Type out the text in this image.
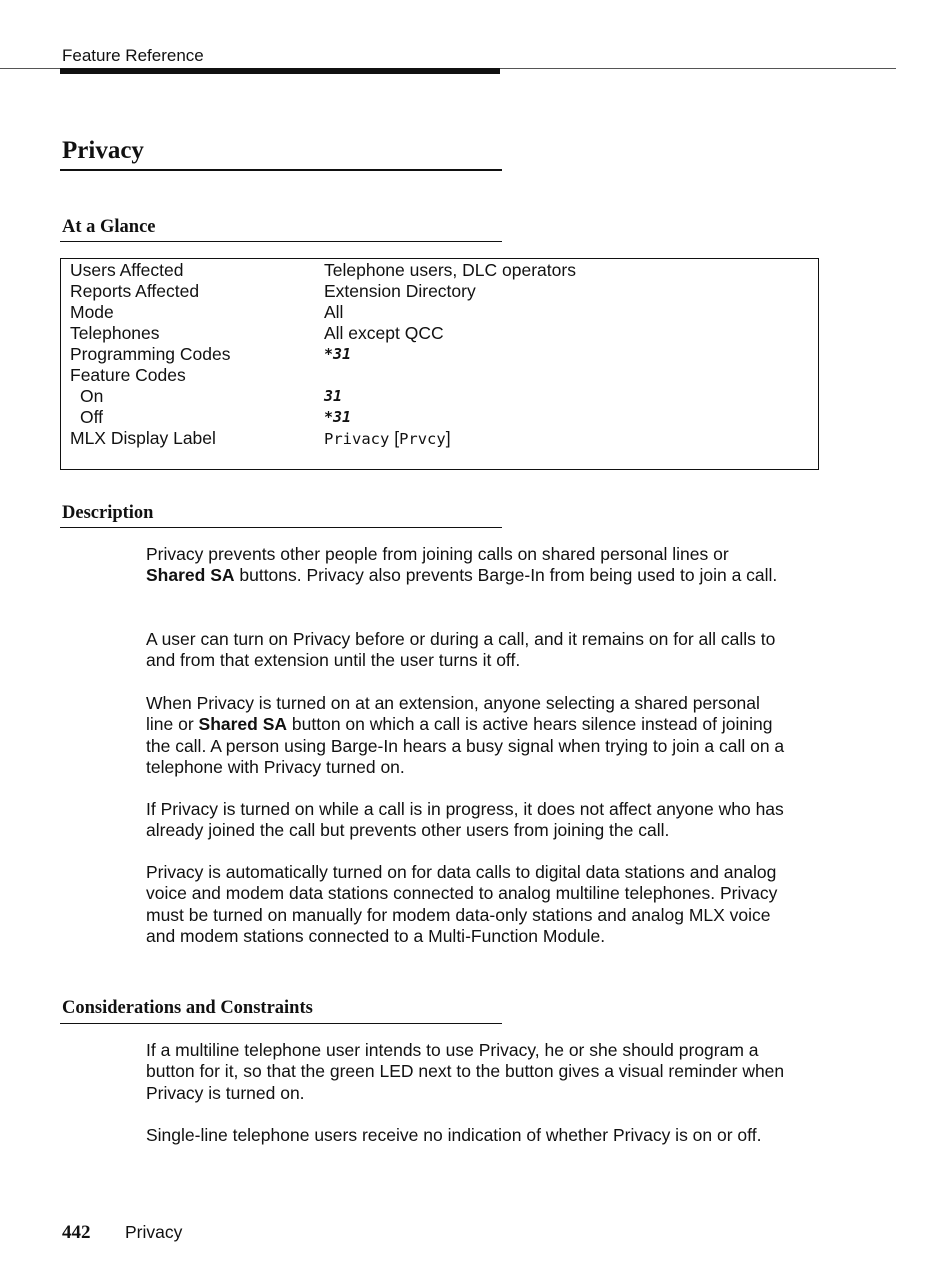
Feature Reference
Privacy
At a Glance
Users Affected	Telephone users, DLC operators
Reports Affected	Extension Directory
Mode	All
Telephones	All except QCC
Programming Codes	*31
Feature Codes
On	31
Off	*31
MLX Display Label	Privacy [Prvcy]
Description

Privacy prevents other people from joining calls on shared personal lines or Shared SA buttons. Privacy also prevents Barge-In from being used to join a call.

A user can turn on Privacy before or during a call, and it remains on for all calls to and from that extension until the user turns it off.

When Privacy is turned on at an extension, anyone selecting a shared personal line or Shared SA button on which a call is active hears silence instead of joining the call. A person using Barge-In hears a busy signal when trying to join a call on a telephone with Privacy turned on.

If Privacy is turned on while a call is in progress, it does not affect anyone who has already joined the call but prevents other users from joining the call.

Privacy is automatically turned on for data calls to digital data stations and analog voice and modem data stations connected to analog multiline telephones. Privacy must be turned on manually for modem data-only stations and analog MLX voice and modem stations connected to a Multi-Function Module.

Considerations and Constraints

If a multiline telephone user intends to use Privacy, he or she should program a button for it, so that the green LED next to the button gives a visual reminder when Privacy is turned on.

Single-line telephone users receive no indication of whether Privacy is on or off.

442 Privacy
